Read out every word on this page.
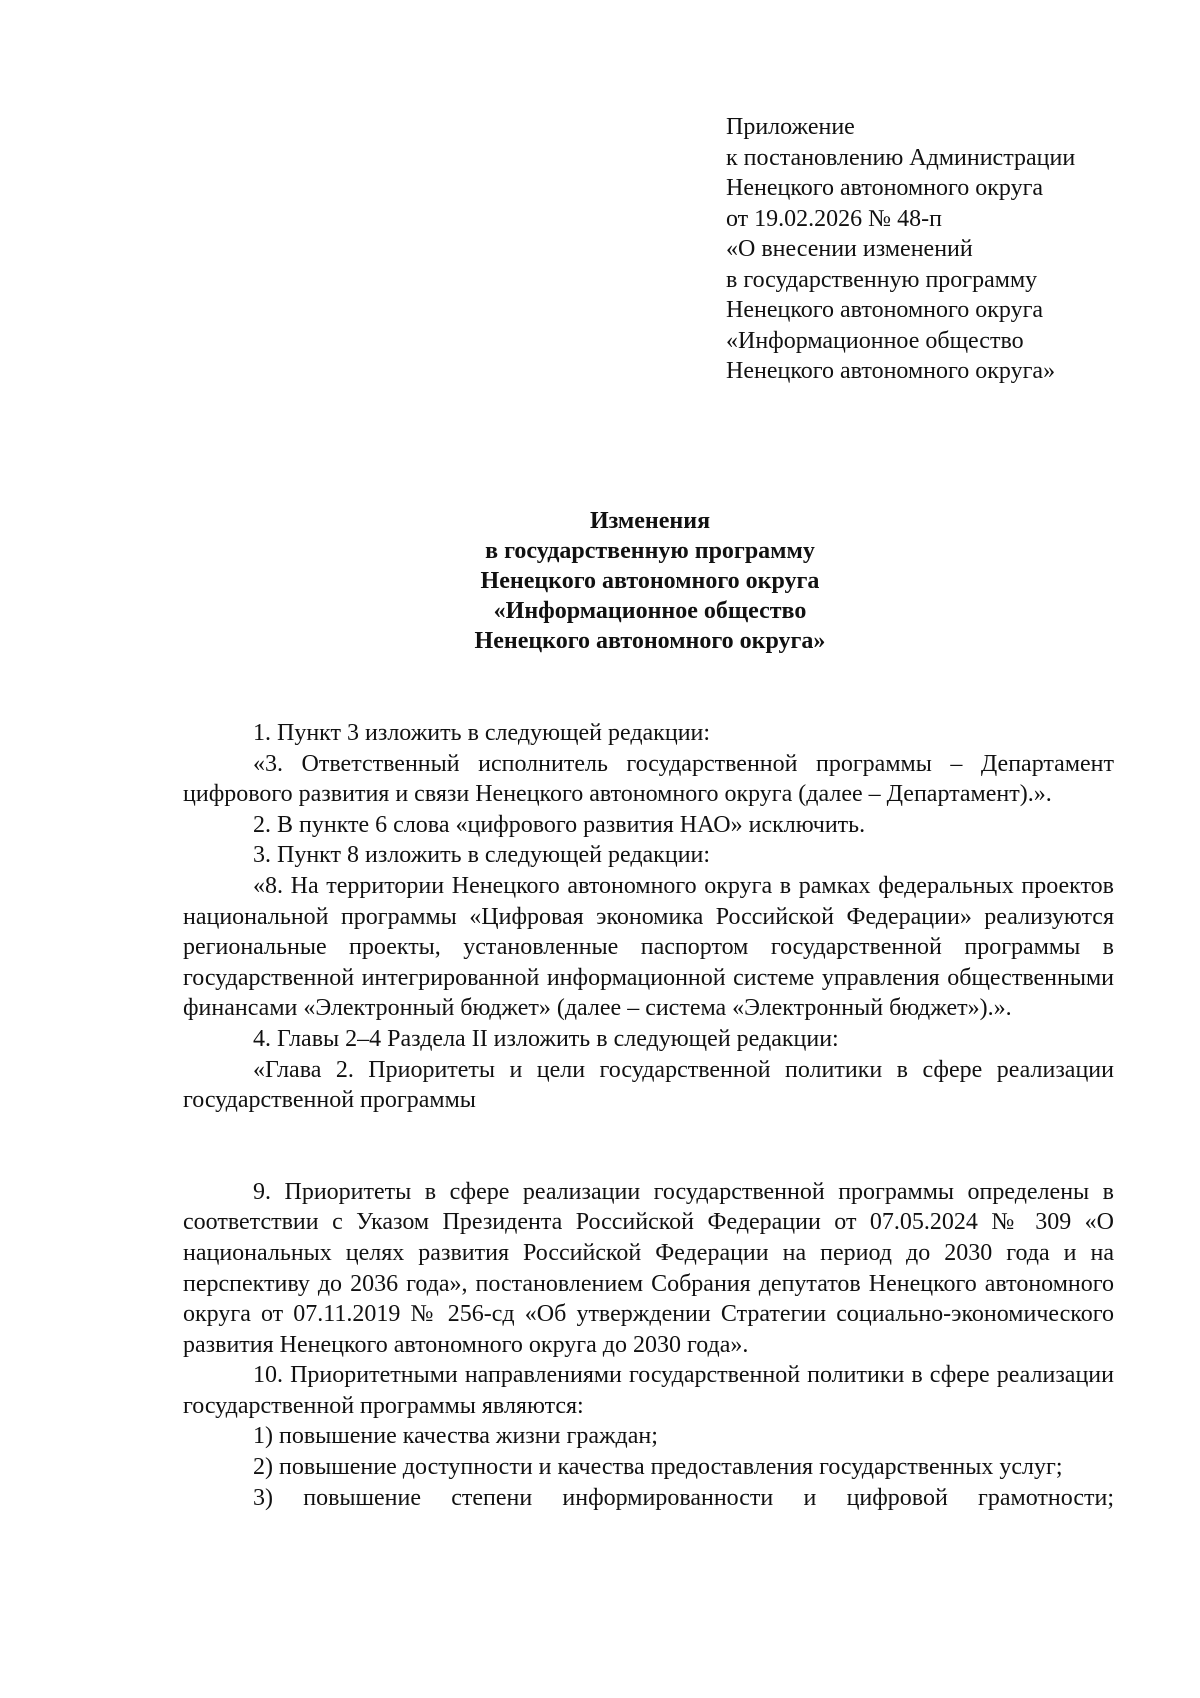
Приложение
к постановлению Администрации
Ненецкого автономного округа
от 19.02.2026 № 48-п
«О внесении изменений
в государственную программу
Ненецкого автономного округа
«Информационное общество
Ненецкого автономного округа»
Изменения
в государственную программу
Ненецкого автономного округа
«Информационное общество
Ненецкого автономного округа»

1. Пункт 3 изложить в следующей редакции:

«3. Ответственный исполнитель государственной программы – Департамент цифрового развития и связи Ненецкого автономного округа (далее – Департамент).».

2. В пункте 6 слова «цифрового развития НАО» исключить.

3. Пункт 8 изложить в следующей редакции:

«8. На территории Ненецкого автономного округа в рамках федеральных проектов национальной программы «Цифровая экономика Российской Федерации» реализуются региональные проекты, установленные паспортом государственной программы в государственной интегрированной информационной системе управления общественными финансами «Электронный бюджет» (далее – система «Электронный бюджет»).».

4. Главы 2–4 Раздела II изложить в следующей редакции:

«Глава 2. Приоритеты и цели государственной политики в сфере реализации государственной программы

9. Приоритеты в сфере реализации государственной программы определены в соответствии с Указом Президента Российской Федерации от 07.05.2024 № 309 «О национальных целях развития Российской Федерации на период до 2030 года и на перспективу до 2036 года», постановлением Собрания депутатов Ненецкого автономного округа от 07.11.2019 № 256-сд «Об утверждении Стратегии социально-экономического развития Ненецкого автономного округа до 2030 года».

10. Приоритетными направлениями государственной политики в сфере реализации государственной программы являются:

1) повышение качества жизни граждан;

2) повышение доступности и качества предоставления государственных услуг;

3) повышение степени информированности и цифровой грамотности;
